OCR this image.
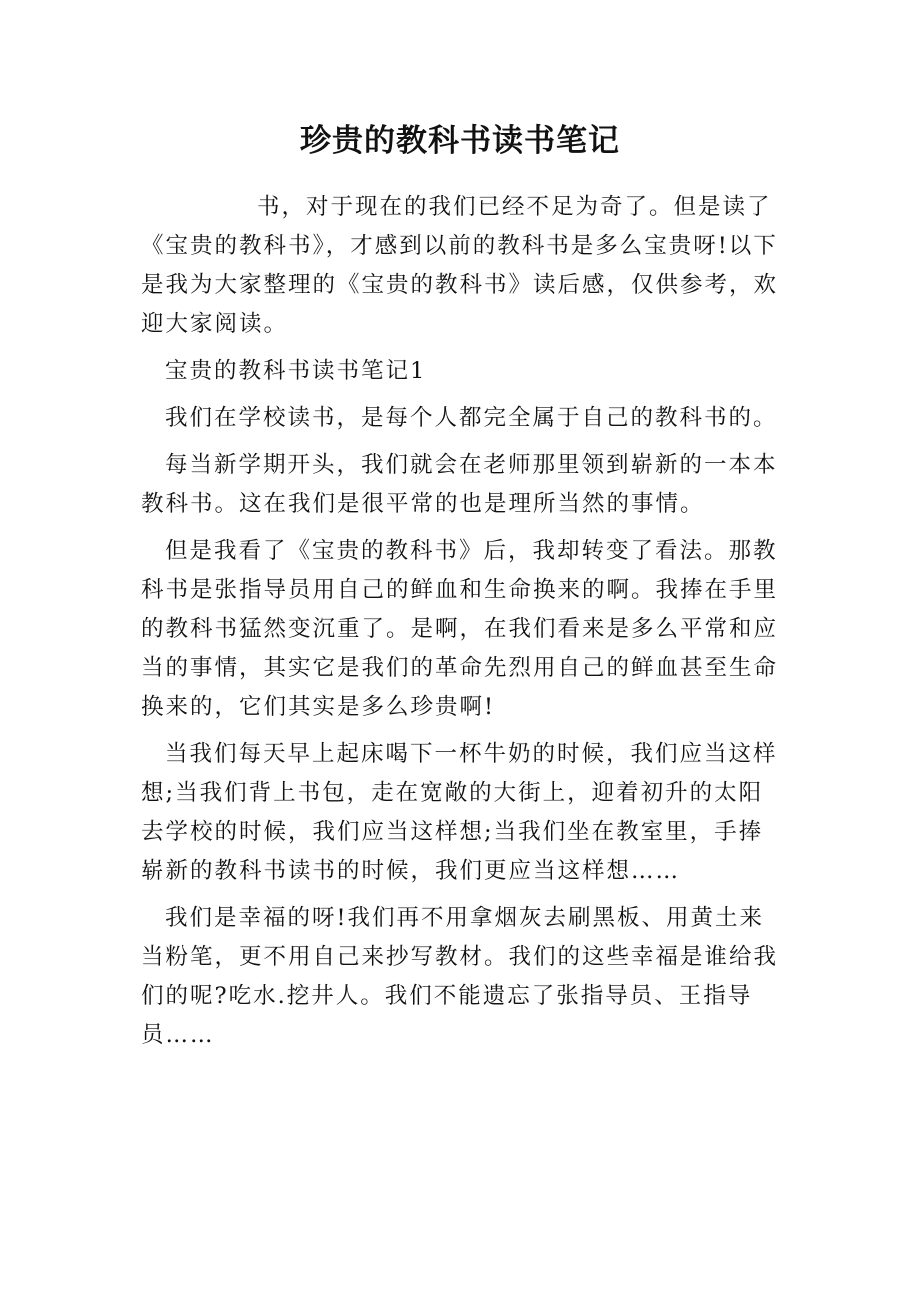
珍贵的教科书读书笔记

书，对于现在的我们已经不足为奇了。但是读了
《宝贵的教科书》，才感到以前的教科书是多么宝贵呀!以下
是我为大家整理的《宝贵的教科书》读后感，仅供参考，欢
迎大家阅读。

宝贵的教科书读书笔记1

我们在学校读书，是每个人都完全属于自己的教科书的。

每当新学期开头，我们就会在老师那里领到崭新的一本本
教科书。这在我们是很平常的也是理所当然的事情。

但是我看了《宝贵的教科书》后，我却转变了看法。那教
科书是张指导员用自己的鲜血和生命换来的啊。我捧在手里
的教科书猛然变沉重了。是啊，在我们看来是多么平常和应
当的事情，其实它是我们的革命先烈用自己的鲜血甚至生命
换来的，它们其实是多么珍贵啊!

当我们每天早上起床喝下一杯牛奶的时候，我们应当这样
想;当我们背上书包，走在宽敞的大街上，迎着初升的太阳
去学校的时候，我们应当这样想;当我们坐在教室里，手捧
崭新的教科书读书的时候，我们更应当这样想……

我们是幸福的呀!我们再不用拿烟灰去刷黑板、用黄土来
当粉笔，更不用自己来抄写教材。我们的这些幸福是谁给我
们的呢?吃水.挖井人。我们不能遗忘了张指导员、王指导
员……
